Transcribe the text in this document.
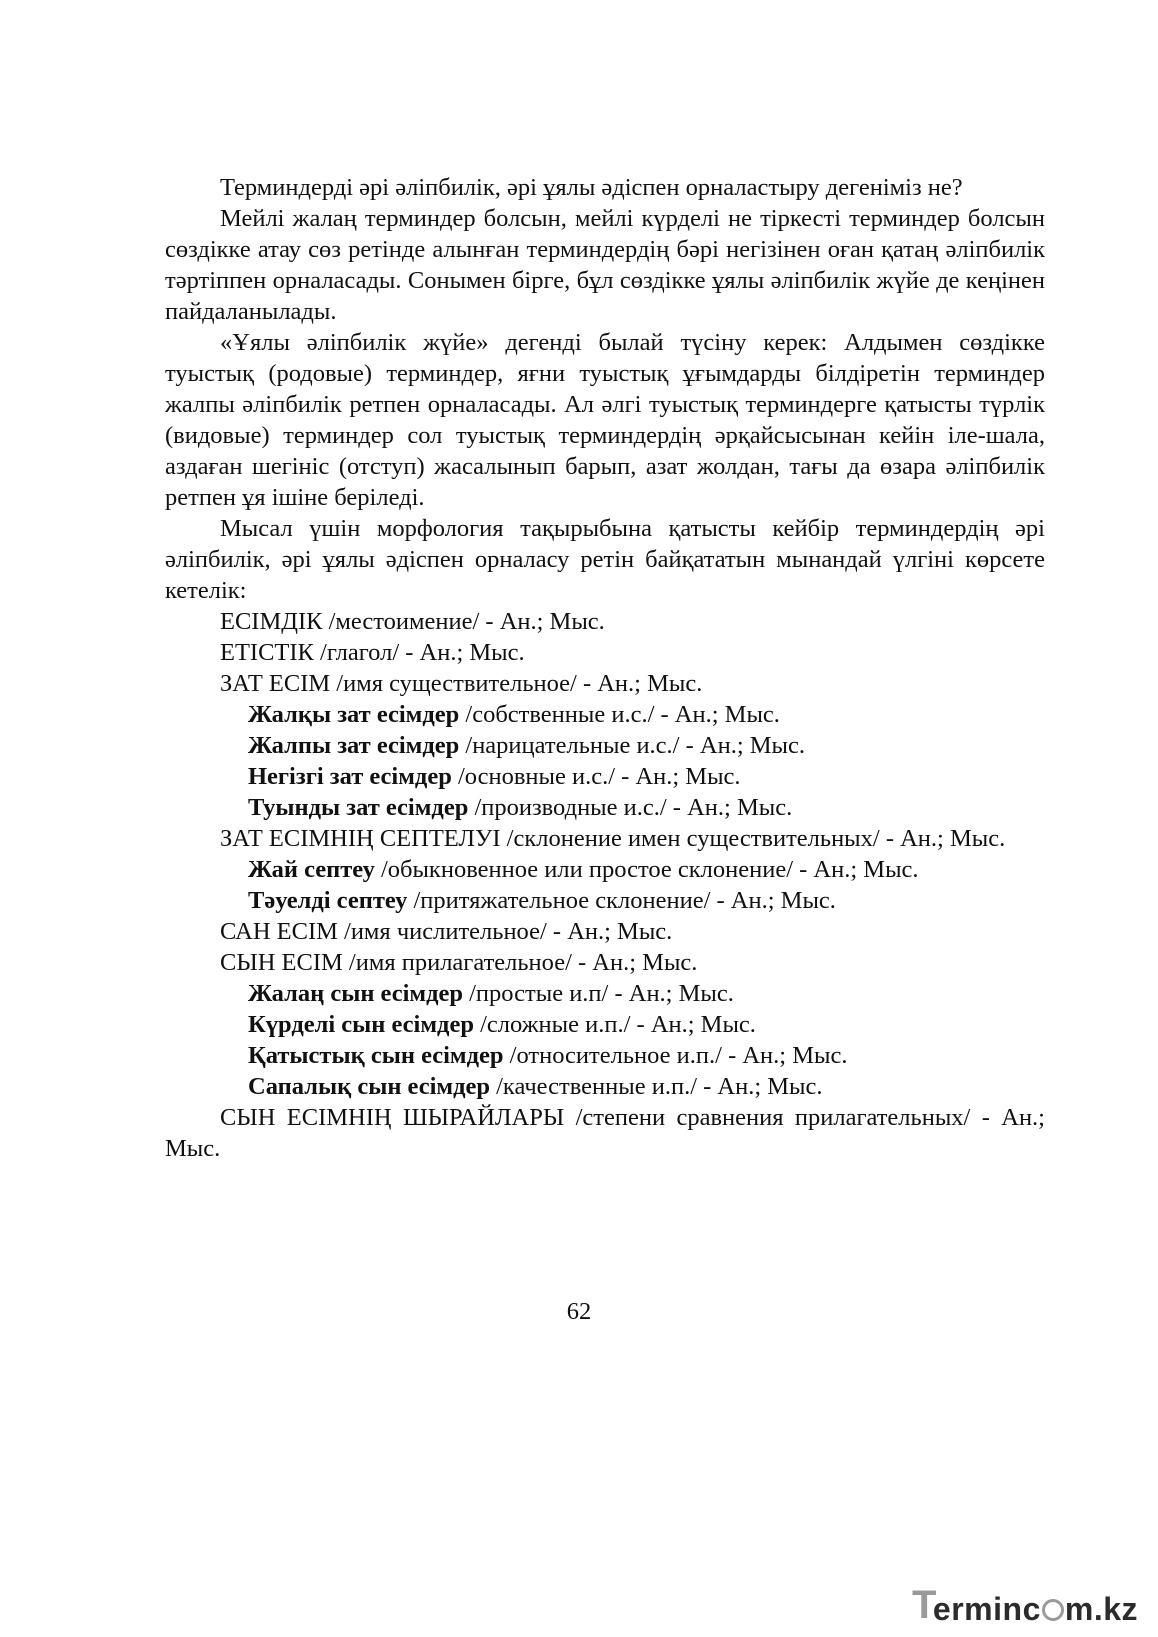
Терминдерді әрі әліпбилік, әрі ұялы әдіспен орналастыру дегеніміз не?

Мейлі жалаң терминдер болсын, мейлі күрделі не тіркесті терминдер болсын сөздікке атау сөз ретінде алынған терминдердің бәрі негізінен оған қатаң әліпбилік тәртіппен орналасады. Сонымен бірге, бұл сөздікке ұялы әліпбилік жүйе де кеңінен пайдаланылады.

«Ұялы әліпбилік жүйе» дегенді былай түсіну керек: Алдымен сөздікке туыстық (родовые) терминдер, яғни туыстық ұғымдарды білдіретін терминдер жалпы әліпбилік ретпен орналасады. Ал әлгі туыстық терминдерге қатысты түрлік (видовые) терминдер сол туыстық терминдердің әрқайсысынан кейін іле-шала, аздаған шегініс (отступ) жасалынып барып, азат жолдан, тағы да өзара әліпбилік ретпен ұя ішіне беріледі.

Мысал үшін морфология тақырыбына қатысты кейбір терминдердің әрі әліпбилік, әрі ұялы әдіспен орналасу ретін байқататын мынандай үлгіні көрсете кетелік:

ЕСІМДІК /местоимение/ - Ан.; Мыс.

ЕТІСТІК /глагол/ - Ан.; Мыс.

ЗАТ ЕСІМ /имя существительное/ - Ан.; Мыс.

Жалқы зат есімдер /собственные и.с./ - Ан.; Мыс.

Жалпы зат есімдер /нарицательные и.с./ - Ан.; Мыс.

Негізгі зат есімдер /основные и.с./ - Ан.; Мыс.

Туынды зат есімдер /производные и.с./ - Ан.; Мыс.

ЗАТ ЕСІМНІҢ СЕПТЕЛУІ /склонение имен существительных/ - Ан.; Мыс.

Жай септеу /обыкновенное или простое склонение/ - Ан.; Мыс.

Тәуелді септеу /притяжательное склонение/ - Ан.; Мыс.

САН ЕСІМ /имя числительное/ - Ан.; Мыс.

СЫН ЕСІМ /имя прилагательное/ - Ан.; Мыс.

Жалаң сын есімдер /простые и.п/ - Ан.; Мыс.

Күрделі сын есімдер /сложные и.п./ - Ан.; Мыс.

Қатыстық сын есімдер /относительное и.п./ - Ан.; Мыс.

Сапалық сын есімдер /качественные и.п./ - Ан.; Мыс.

СЫН ЕСІМНІҢ ШЫРАЙЛАРЫ /степени сравнения прилагательных/ - Ан.; Мыс.

62
T
erminc m.kz
